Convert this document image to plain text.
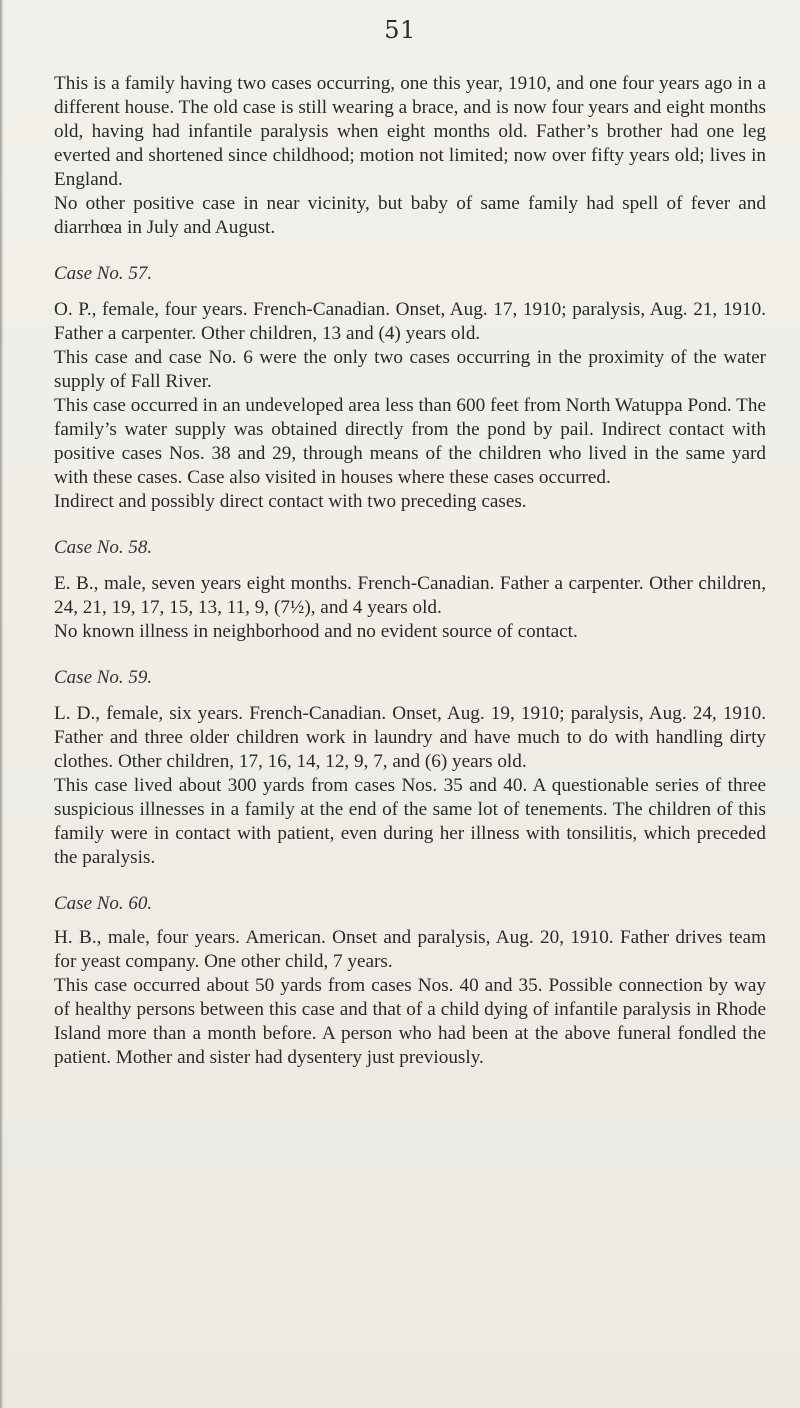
51

This is a family having two cases occurring, one this year, 1910, and one four years ago in a different house. The old case is still wearing a brace, and is now four years and eight months old, having had infantile paralysis when eight months old. Father’s brother had one leg everted and shortened since childhood; motion not limited; now over fifty years old; lives in England.

No other positive case in near vicinity, but baby of same family had spell of fever and diarrhœa in July and August.

Case No. 57.

O. P., female, four years. French-Canadian. Onset, Aug. 17, 1910; paralysis, Aug. 21, 1910. Father a carpenter. Other children, 13 and (4) years old.

This case and case No. 6 were the only two cases occurring in the proximity of the water supply of Fall River.

This case occurred in an undeveloped area less than 600 feet from North Watuppa Pond. The family’s water supply was obtained directly from the pond by pail. Indirect contact with positive cases Nos. 38 and 29, through means of the children who lived in the same yard with these cases. Case also visited in houses where these cases occurred.

Indirect and possibly direct contact with two preceding cases.

Case No. 58.

E. B., male, seven years eight months. French-Canadian. Father a carpenter. Other children, 24, 21, 19, 17, 15, 13, 11, 9, (7½), and 4 years old.

No known illness in neighborhood and no evident source of contact.

Case No. 59.

L. D., female, six years. French-Canadian. Onset, Aug. 19, 1910; paralysis, Aug. 24, 1910. Father and three older children work in laundry and have much to do with handling dirty clothes. Other children, 17, 16, 14, 12, 9, 7, and (6) years old.

This case lived about 300 yards from cases Nos. 35 and 40. A questionable series of three suspicious illnesses in a family at the end of the same lot of tenements. The children of this family were in contact with patient, even during her illness with tonsilitis, which preceded the paralysis.

Case No. 60.

H. B., male, four years. American. Onset and paralysis, Aug. 20, 1910. Father drives team for yeast company. One other child, 7 years.

This case occurred about 50 yards from cases Nos. 40 and 35. Possible connection by way of healthy persons between this case and that of a child dying of infantile paralysis in Rhode Island more than a month before. A person who had been at the above funeral fondled the patient. Mother and sister had dysentery just previously.
